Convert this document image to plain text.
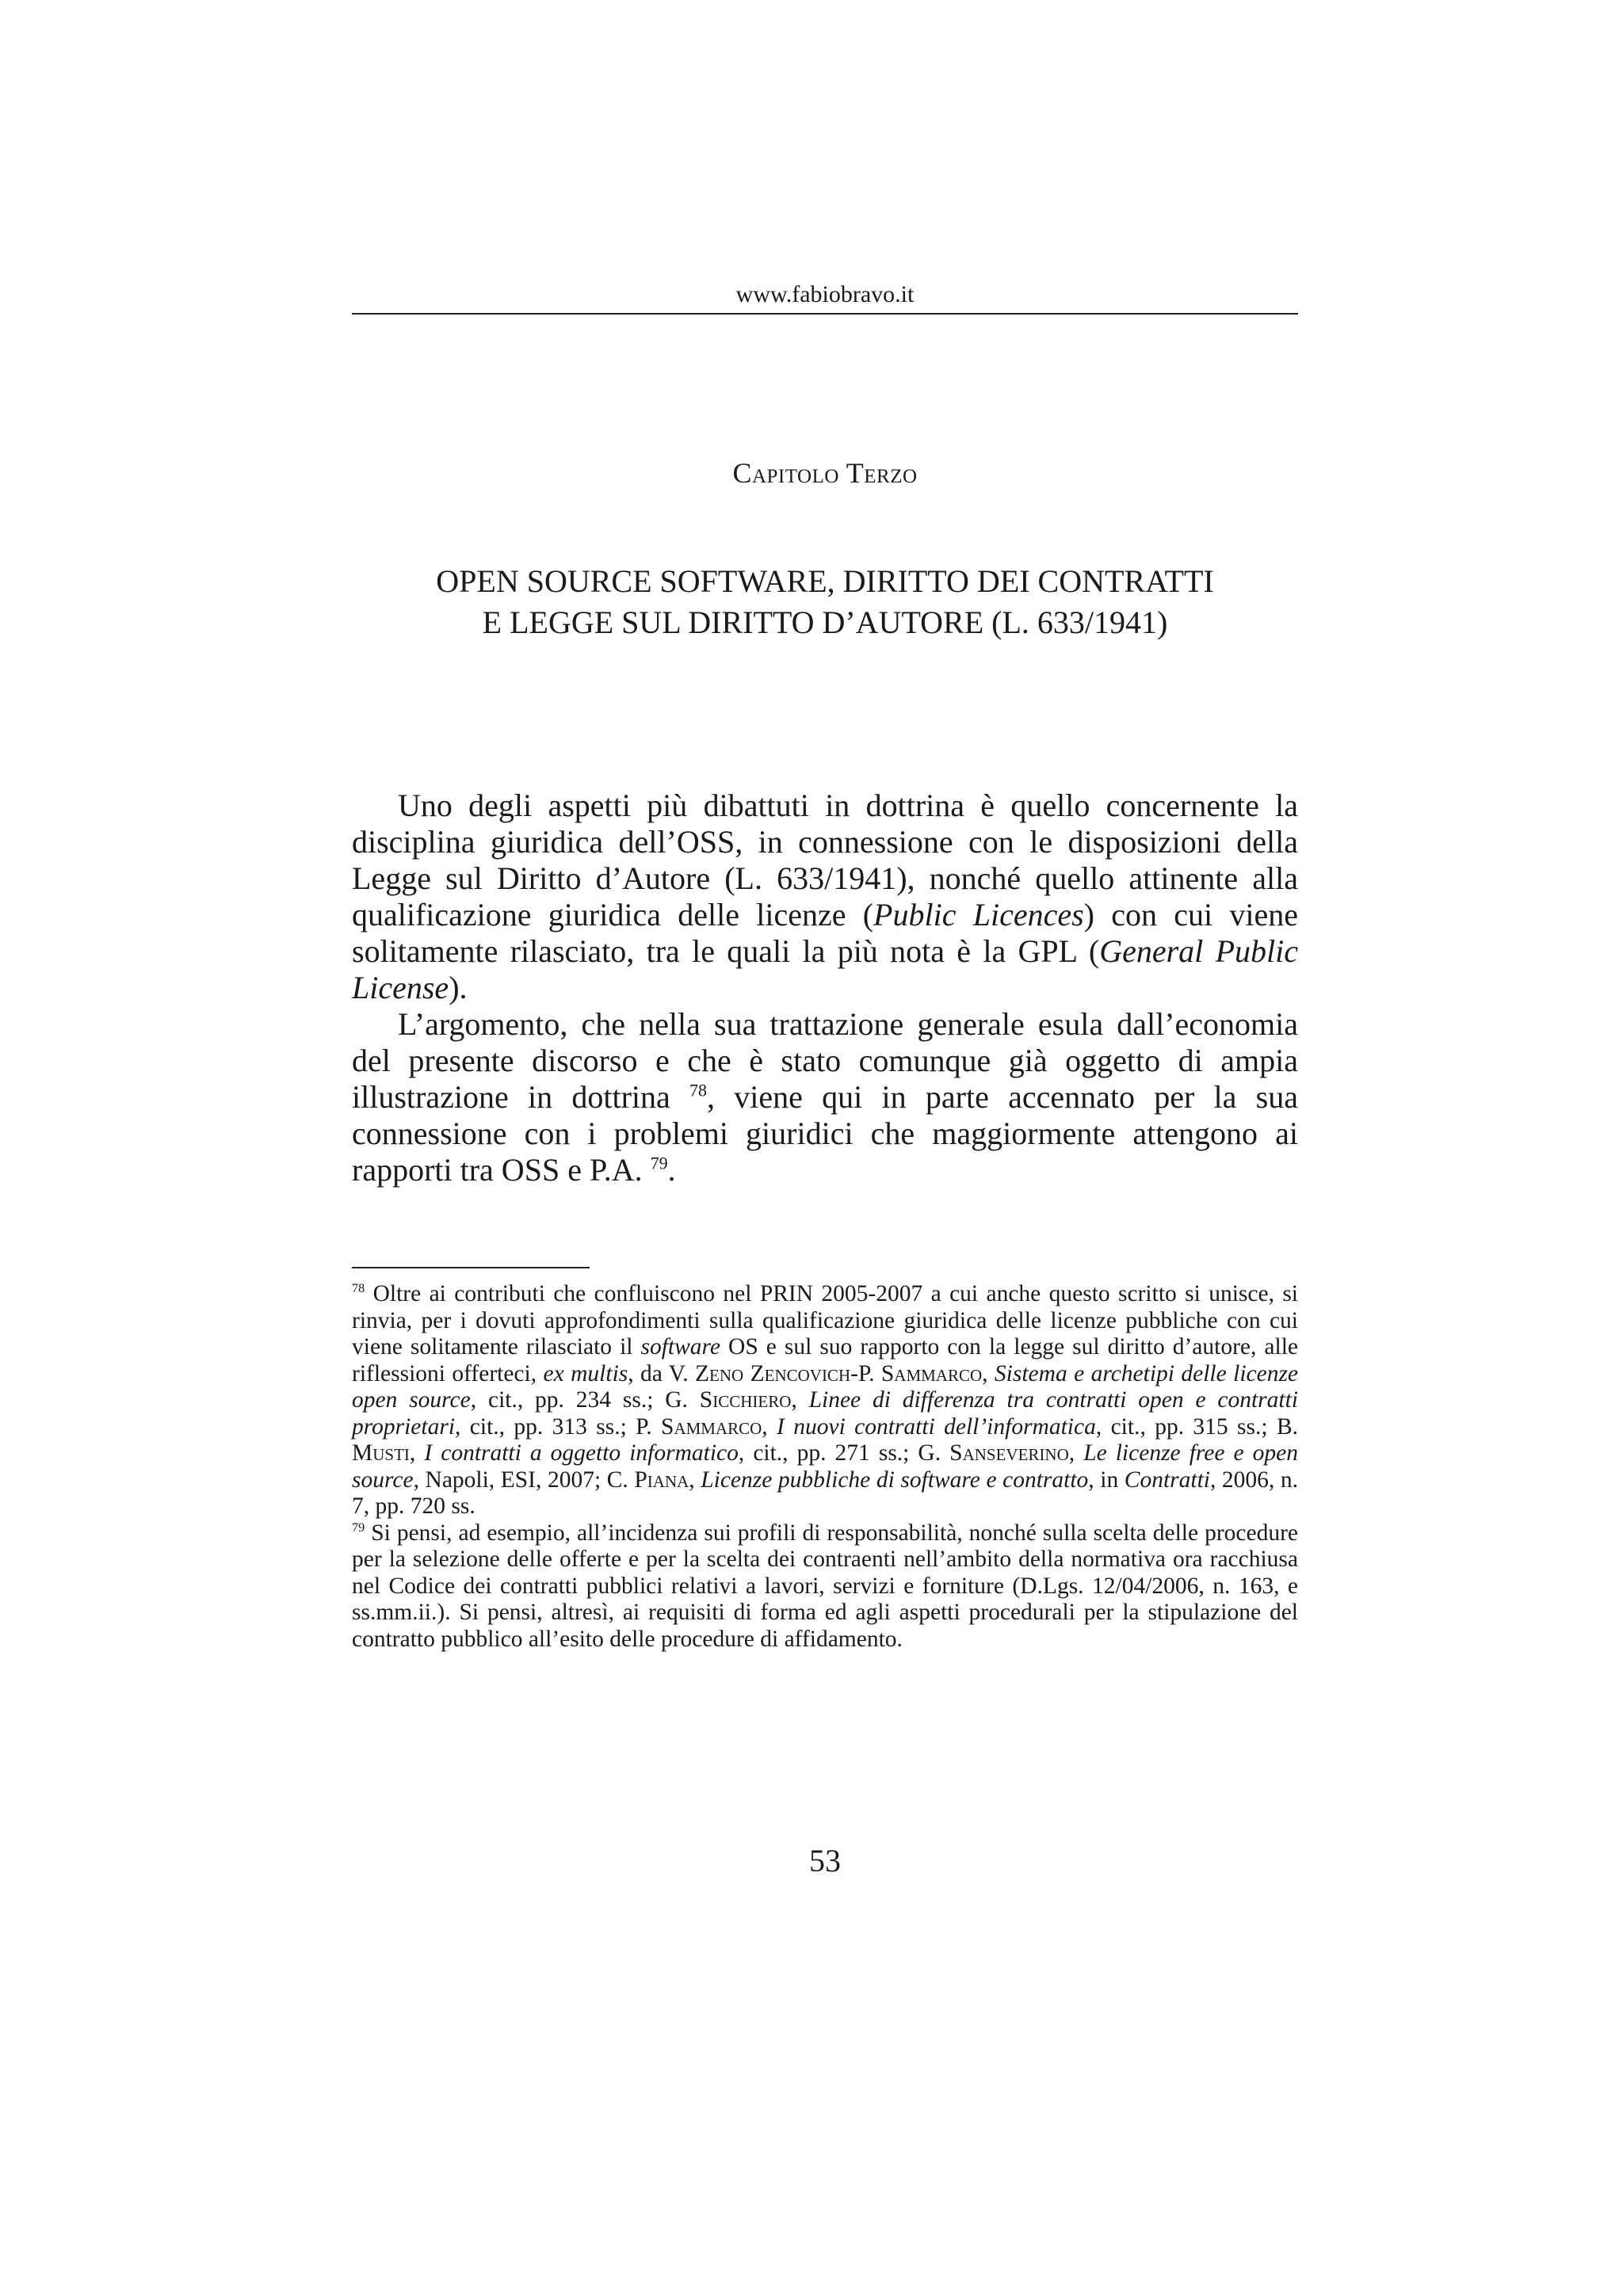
www.fabiobravo.it
Capitolo Terzo
OPEN SOURCE SOFTWARE, DIRITTO DEI CONTRATTI
E LEGGE SUL DIRITTO D’AUTORE (L. 633/1941)

Uno degli aspetti più dibattuti in dottrina è quello concernente la disciplina giuridica dell’OSS, in connessione con le disposizioni della Legge sul Diritto d’Autore (L. 633/1941), nonché quello attinente alla qualificazione giuridica delle licenze (Public Licences) con cui viene solitamente rilasciato, tra le quali la più nota è la GPL (General Public License).

L’argomento, che nella sua trattazione generale esula dall’economia del presente discorso e che è stato comunque già oggetto di ampia illustrazione in dottrina $^{78}$, viene qui in parte accennato per la sua connessione con i problemi giuridici che maggiormente attengono ai rapporti tra OSS e P.A. $^{79}$.

$^{78}$ Oltre ai contributi che confluiscono nel PRIN 2005-2007 a cui anche questo scritto si unisce, si rinvia, per i dovuti approfondimenti sulla qualificazione giuridica delle licenze pubbliche con cui viene solitamente rilasciato il software OS e sul suo rapporto con la legge sul diritto d’autore, alle riflessioni offerteci, ex multis, da V. Zeno Zencovich-P. Sammarco, Sistema e archetipi delle licenze open source, cit., pp. 234 ss.; G. Sicchiero, Linee di differenza tra contratti open e contratti proprietari, cit., pp. 313 ss.; P. Sammarco, I nuovi contratti dell’informatica, cit., pp. 315 ss.; B. Musti, I contratti a oggetto informatico, cit., pp. 271 ss.; G. Sanseverino, Le licenze free e open source, Napoli, ESI, 2007; C. Piana, Licenze pubbliche di software e contratto, in Contratti, 2006, n. 7, pp. 720 ss.

$^{79}$ Si pensi, ad esempio, all’incidenza sui profili di responsabilità, nonché sulla scelta delle procedure per la selezione delle offerte e per la scelta dei contraenti nell’ambito della normativa ora racchiusa nel Codice dei contratti pubblici relativi a lavori, servizi e forniture (D.Lgs. 12/04/2006, n. 163, e ss.mm.ii.). Si pensi, altresì, ai requisiti di forma ed agli aspetti procedurali per la stipulazione del contratto pubblico all’esito delle procedure di affidamento.

53
